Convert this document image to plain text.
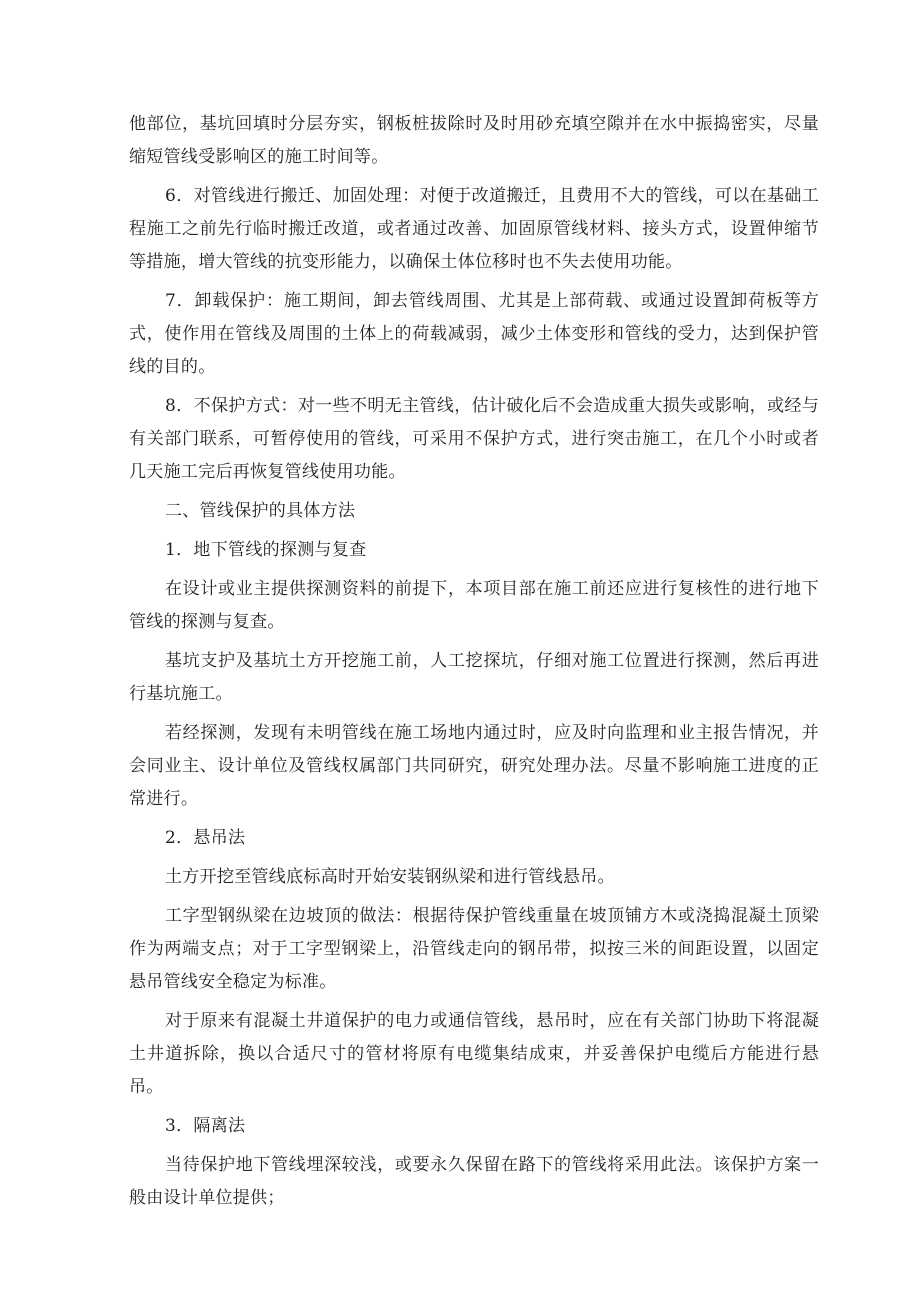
他部位，基坑回填时分层夯实，钢板桩拔除时及时用砂充填空隙并在水中振捣密实，尽量缩短管线受影响区的施工时间等。

6．对管线进行搬迁、加固处理：对便于改道搬迁，且费用不大的管线，可以在基础工程施工之前先行临时搬迁改道，或者通过改善、加固原管线材料、接头方式，设置伸缩节等措施，增大管线的抗变形能力，以确保土体位移时也不失去使用功能。

7．卸载保护：施工期间，卸去管线周围、尤其是上部荷载、或通过设置卸荷板等方式，使作用在管线及周围的土体上的荷载减弱，减少土体变形和管线的受力，达到保护管线的目的。

8．不保护方式：对一些不明无主管线，估计破化后不会造成重大损失或影响，或经与有关部门联系，可暂停使用的管线，可采用不保护方式，进行突击施工，在几个小时或者几天施工完后再恢复管线使用功能。

二、管线保护的具体方法

1．地下管线的探测与复查

在设计或业主提供探测资料的前提下，本项目部在施工前还应进行复核性的进行地下管线的探测与复查。

基坑支护及基坑土方开挖施工前，人工挖探坑，仔细对施工位置进行探测，然后再进行基坑施工。

若经探测，发现有未明管线在施工场地内通过时，应及时向监理和业主报告情况，并会同业主、设计单位及管线权属部门共同研究，研究处理办法。尽量不影响施工进度的正常进行。

2．悬吊法

土方开挖至管线底标高时开始安装钢纵梁和进行管线悬吊。

工字型钢纵梁在边坡顶的做法：根据待保护管线重量在坡顶铺方木或浇捣混凝土顶梁作为两端支点；对于工字型钢梁上，沿管线走向的钢吊带，拟按三米的间距设置，以固定悬吊管线安全稳定为标准。

对于原来有混凝土井道保护的电力或通信管线，悬吊时，应在有关部门协助下将混凝土井道拆除，换以合适尺寸的管材将原有电缆集结成束，并妥善保护电缆后方能进行悬吊。

3．隔离法

当待保护地下管线埋深较浅，或要永久保留在路下的管线将采用此法。该保护方案一般由设计单位提供；
